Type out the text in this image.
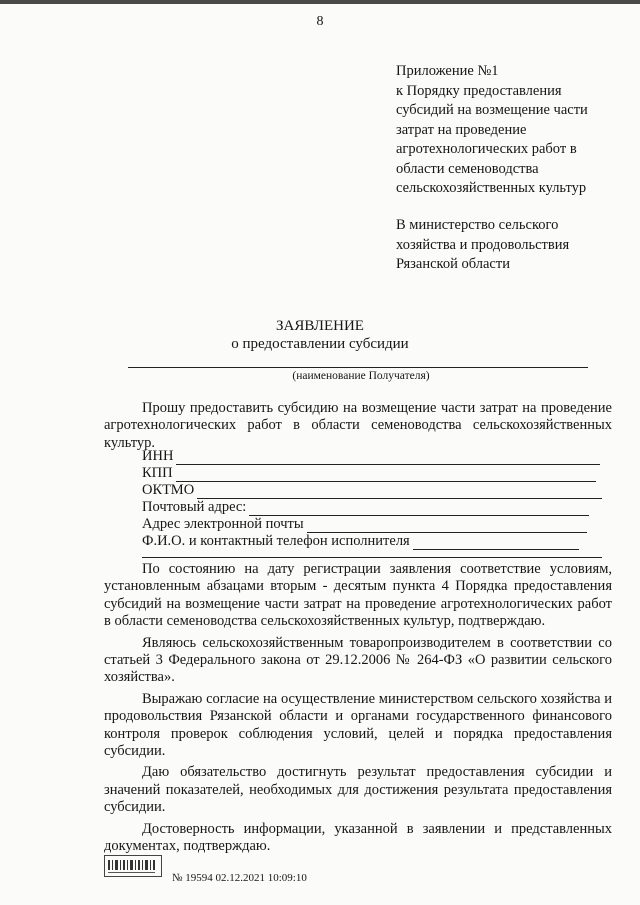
8
Приложение №1
к Порядку предоставления
субсидий на возмещение части
затрат на проведение
агротехнологических работ в
области семеноводства
сельскохозяйственных культур
В министерство сельского
хозяйства и продовольствия
Рязанской области
ЗАЯВЛЕНИЕ
о предоставлении субсидии
(наименование Получателя)

Прошу предоставить субсидию на возмещение части затрат на проведение агротехнологических работ в области семеноводства сельскохозяйственных культур.

ИНН
КПП
ОКТМО
Почтовый адрес:
Адрес электронной почты
Ф.И.О. и контактный телефон исполнителя

По состоянию на дату регистрации заявления соответствие условиям, установленным абзацами вторым - десятым пункта 4 Порядка предоставления субсидий на возмещение части затрат на проведение агротехнологических работ в области семеноводства сельскохозяйственных культур, подтверждаю.

Являюсь сельскохозяйственным товаропроизводителем в соответствии со статьей 3 Федерального закона от 29.12.2006 № 264-ФЗ «О развитии сельского хозяйства».

Выражаю согласие на осуществление министерством сельского хозяйства и продовольствия Рязанской области и органами государственного финансового контроля проверок соблюдения условий, целей и порядка предоставления субсидии.

Даю обязательство достигнуть результат предоставления субсидии и значений показателей, необходимых для достижения результата предоставления субсидии.

Достоверность информации, указанной в заявлении и представленных документах, подтверждаю.

№ 19594 02.12.2021 10:09:10
